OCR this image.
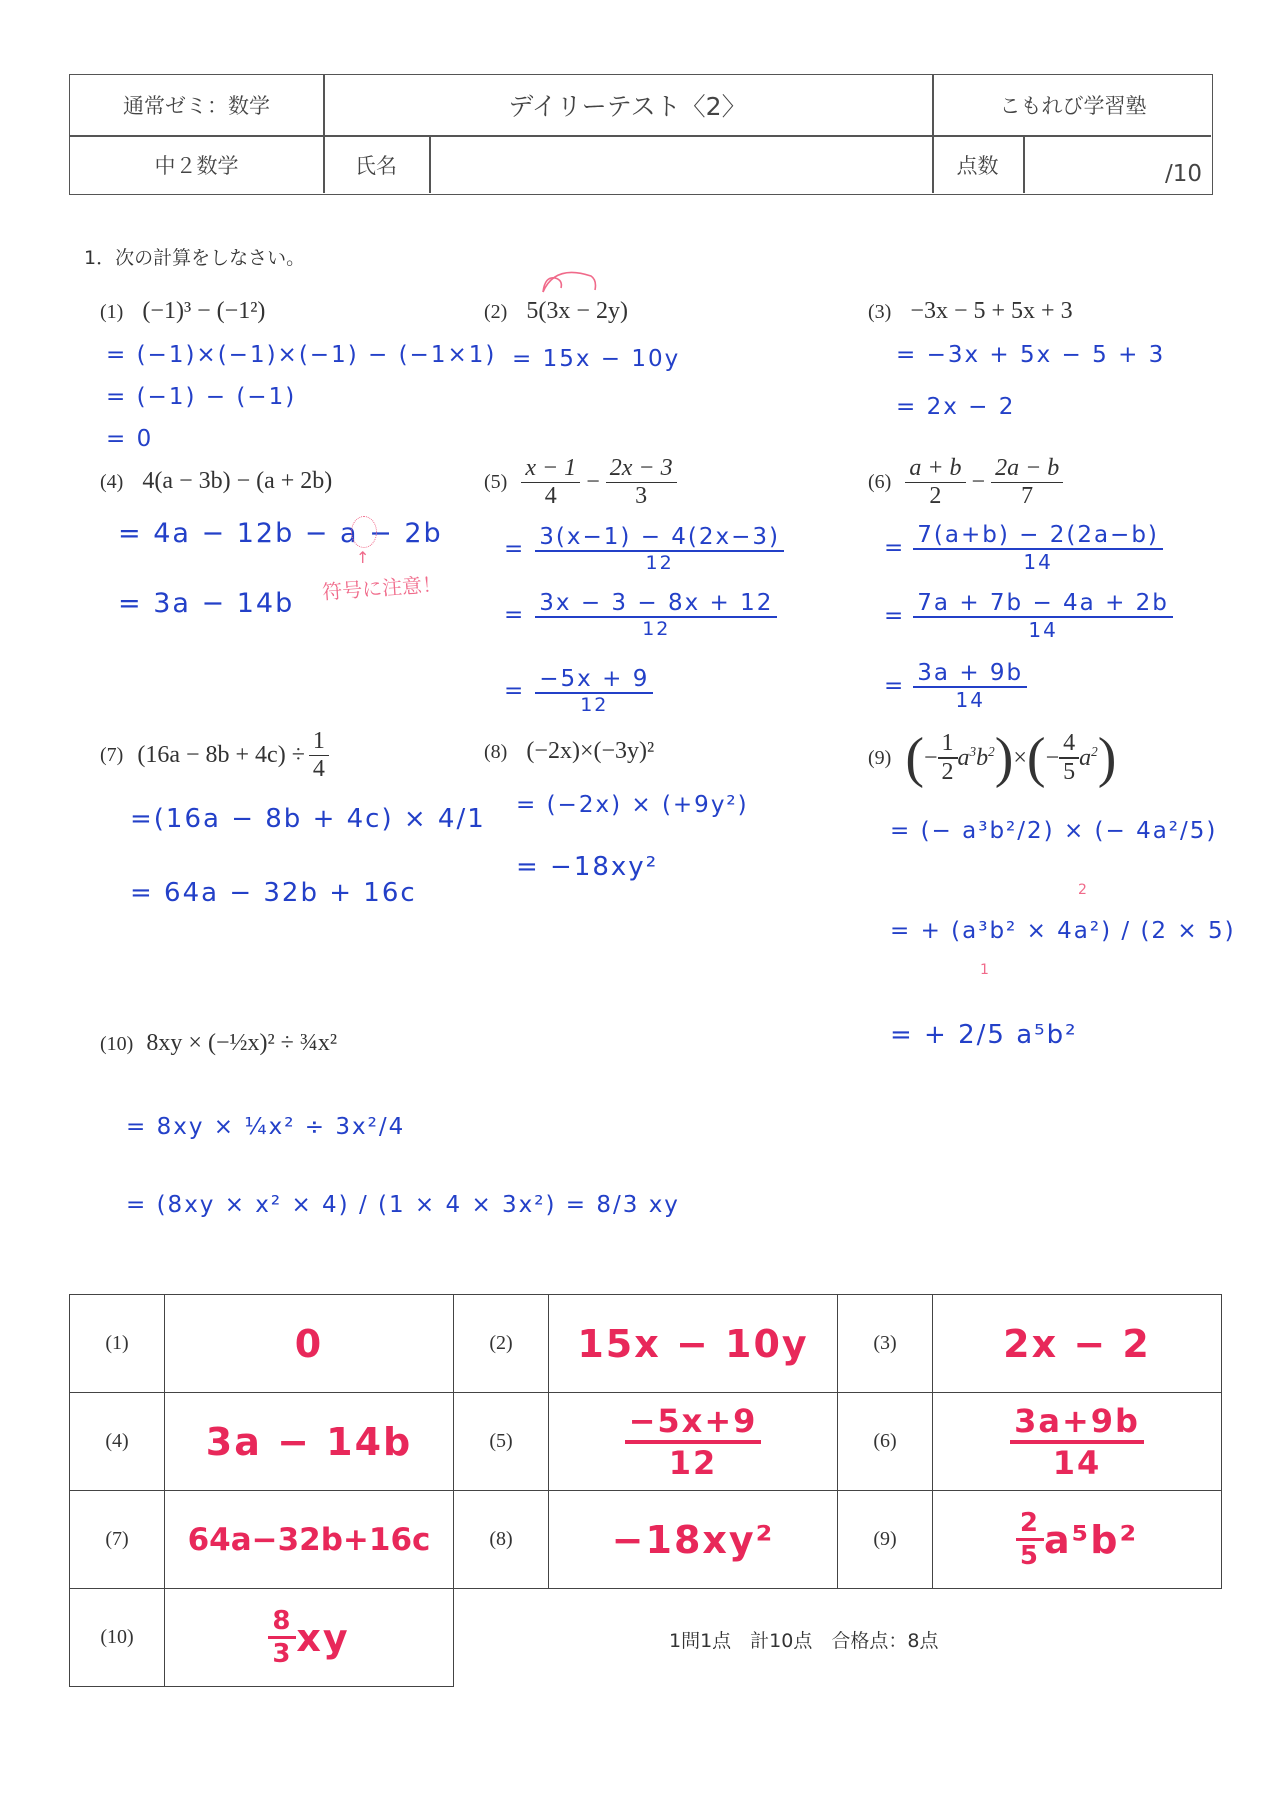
通常ゼミ：数学	デイリーテスト〈2〉	こもれび学習塾
中２数学	氏名	点数	/10
1．次の計算をしなさい。
(1) (−1)³ − (−1²)
= (−1)×(−1)×(−1) − (−1×1)
= (−1) − (−1)
= 0
(2) 5(3x − 2y)
= 15x − 10y
(3) −3x − 5 + 5x + 3
= −3x + 5x − 5 + 3
= 2x − 2
(4) 4(a − 3b) − (a + 2b)
= 4a − 12b − a − 2b
↑
= 3a − 14b 符号に注意！
$(5) \frac{x - 1}{4} - \frac{2x - 3}{3}$
= $\frac{3(x-1) - 4(2x-3)}{12}$
= $\frac{3x - 3 - 8x + 12}{12}$
= $\frac{-5x + 9}{12}$
$(6) \frac{a + b}{2} - \frac{2a - b}{7}$
= $\frac{7(a+b) - 2(2a-b)}{14}$
= $\frac{7a + 7b - 4a + 2b}{14}$
= $\frac{3a + 9b}{14}$
(7) $(16a - 8b + 4c) \div \frac{1}{4}$
=(16a − 8b + 4c) × 4/1
= 64a − 32b + 16c
(8) (−2x)×(−3y)²
= (−2x) × (+9y²)
= −18xy²
(9) ( − $\frac{1}{2} a^3b^2$ ) × ( − $\frac{4}{5} a^2$ )
= (− a³b²/2) × (− 4a²/5)
2
= + (a³b² × 4a²) / (2 × 5)
1
= + 2/5 a⁵b²
(10) 8xy × (−½x)² ÷ ¾x²
= 8xy × ¼x² ÷ 3x²/4
= (8xy × x² × 4) / (1 × 4 × 3x²) = 8/3 xy
(1)	0	(2)	15x − 10y	(3)	2x − 2
(4)	3a − 14b	(5)	$\frac{-5x+9}{12}$	(6)	$\frac{3a+9b}{14}$
(7)	64a−32b+16c	(8)	−18xy²	(9)	$\frac{2}{5} a^5b^2$
(10)	$\frac{8}{3}$ xy	1問1点　計10点　合格点：8点
